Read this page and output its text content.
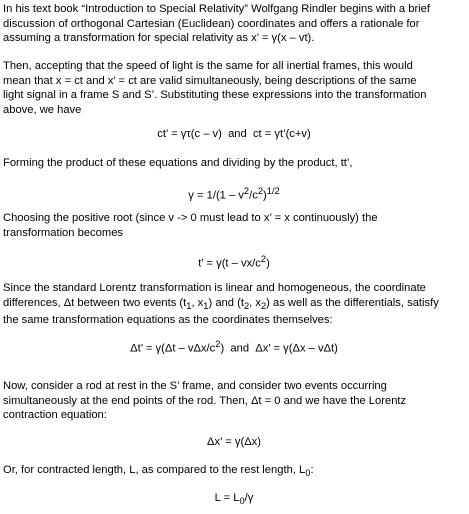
In his text book “Introduction to Special Relativity” Wolfgang Rindler begins with a brief
discussion of orthogonal Cartesian (Euclidean) coordinates and offers a rationale for
assuming a transformation for special relativity as x’ = γ(x – vt).

Then, accepting that the speed of light is the same for all inertial frames, this would
mean that x = ct and x’ = ct are valid simultaneously, being descriptions of the same
light signal in a frame S and S’. Substituting these expressions into the transformation
above, we have

ct’ = γτ(c – v)  and  ct = γt’(c+v)

Forming the product of these equations and dividing by the product, tt’,

$\gamma = 1/(1 - v^2/c^2)^{1/2}$

Choosing the positive root (since v -> 0 must lead to x’ = x continuously) the
transformation becomes

t’ = $\gamma(t - vx/c^2)$

Since the standard Lorentz transformation is linear and homogeneous, the coordinate
differences, Δt between two events ($t_1$, $x_1$) and ($t_2$, $x_2$) as well as the differentials, satisfy
the same transformation equations as the coordinates themselves:

Δt’ = γ(Δt – vΔx/$c^2$)  and  Δx’ = γ(Δx – vΔt)

Now, consider a rod at rest in the S’ frame, and consider two events occurring
simultaneously at the end points of the rod. Then, Δt = 0 and we have the Lorentz
contraction equation:

Δx’ = γ(Δx)

Or, for contracted length, L, as compared to the rest length, $L_0$:

$L = L_0/\gamma$
